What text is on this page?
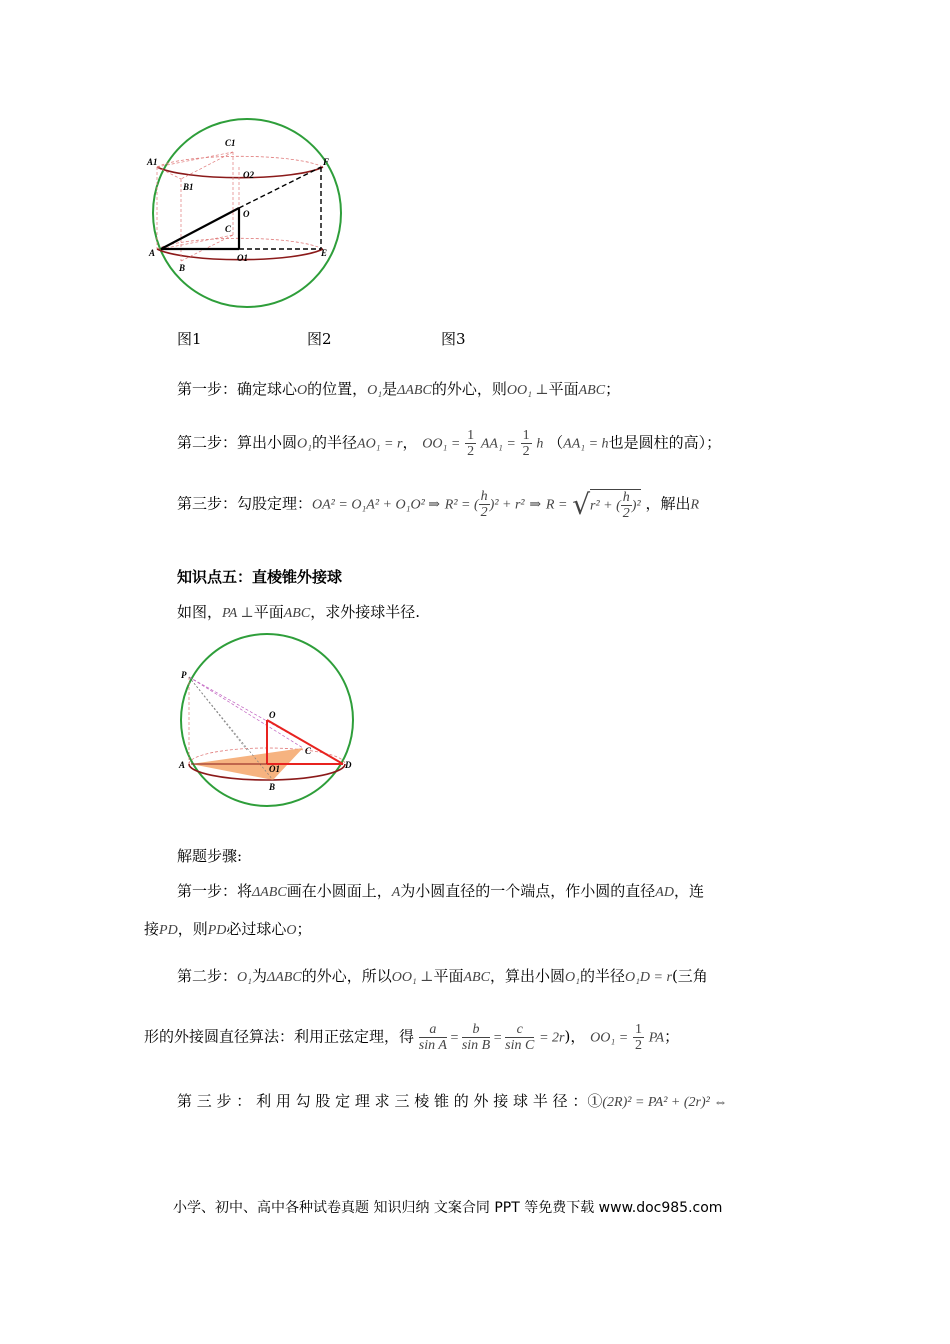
C1
A1	F
O2
B1
O
C
A	O1	E
B
图1	图2	图3
第一步：确定球心O的位置，O₁是ΔABC的外心，则OO₁ ⊥平面ABC；
第二步：算出小圆O₁的半径AO₁ = r， $OO_1 = \frac{1}{2} AA_1 = \frac{1}{2}$ h （AA₁ = h也是圆柱的高）；
第三步：勾股定理：OA² = O₁A² + O₁O² ⇒ R² = ( $\frac{h}{2} )^2 + r^2$ ⇒ R = √r² + ( $\frac{h}{2} )^2$ ，解出R
知识点五：直棱锥外接球
如图，PA ⊥平面ABC，求外接球半径.
P
O
C
A	O1	D
B
解题步骤:
第一步：将ΔABC画在小圆面上，A为小圆直径的一个端点，作小圆的直径AD，连
接PD，则PD必过球心O；
第二步：O₁为ΔABC的外心，所以OO₁ ⊥平面ABC，算出小圆O₁的半径O₁D = r(三角
形的外接圆直径算法：利用正弦定理，得 $\frac{a}{\text{sin A}} = \frac{b}{\text{sin B}} = \frac{c}{\text{sin C}} = 2r$)， $OO_1 = \frac{1}{2}$ PA；
第 三 步 ： 利 用 勾 股 定 理 求 三 棱 锥 的 外 接 球 半 径 ：①(2R)² = PA² + (2r)² ⇔
小学、初中、高中各种试卷真题 知识归纳 文案合同 PPT 等免费下载 www.doc985.com
